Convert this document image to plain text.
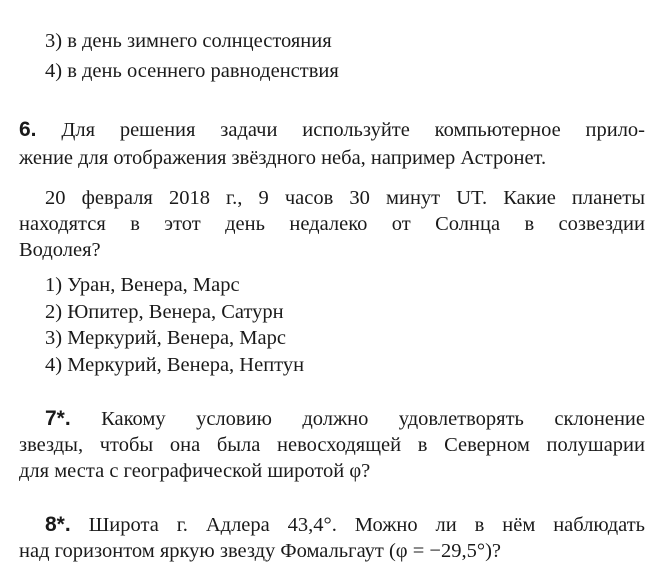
3) в день зимнего солнцестояния
4) в день осеннего равноденствия
6. Для решения задачи используйте компьютерное прило-
жение для отображения звёздного неба, например Астронет.
20 февраля 2018 г., 9 часов 30 минут UT. Какие планеты
находятся в этот день недалеко от Солнца в созвездии
Водолея?
1) Уран, Венера, Марс
2) Юпитер, Венера, Сатурн
3) Меркурий, Венера, Марс
4) Меркурий, Венера, Нептун
7*. Какому условию должно удовлетворять склонение
звезды, чтобы она была невосходящей в Северном полушарии
для места с географической широтой φ?
8*. Широта г. Адлера 43,4°. Можно ли в нём наблюдать
над горизонтом яркую звезду Фомальгаут (φ = −29,5°)?
